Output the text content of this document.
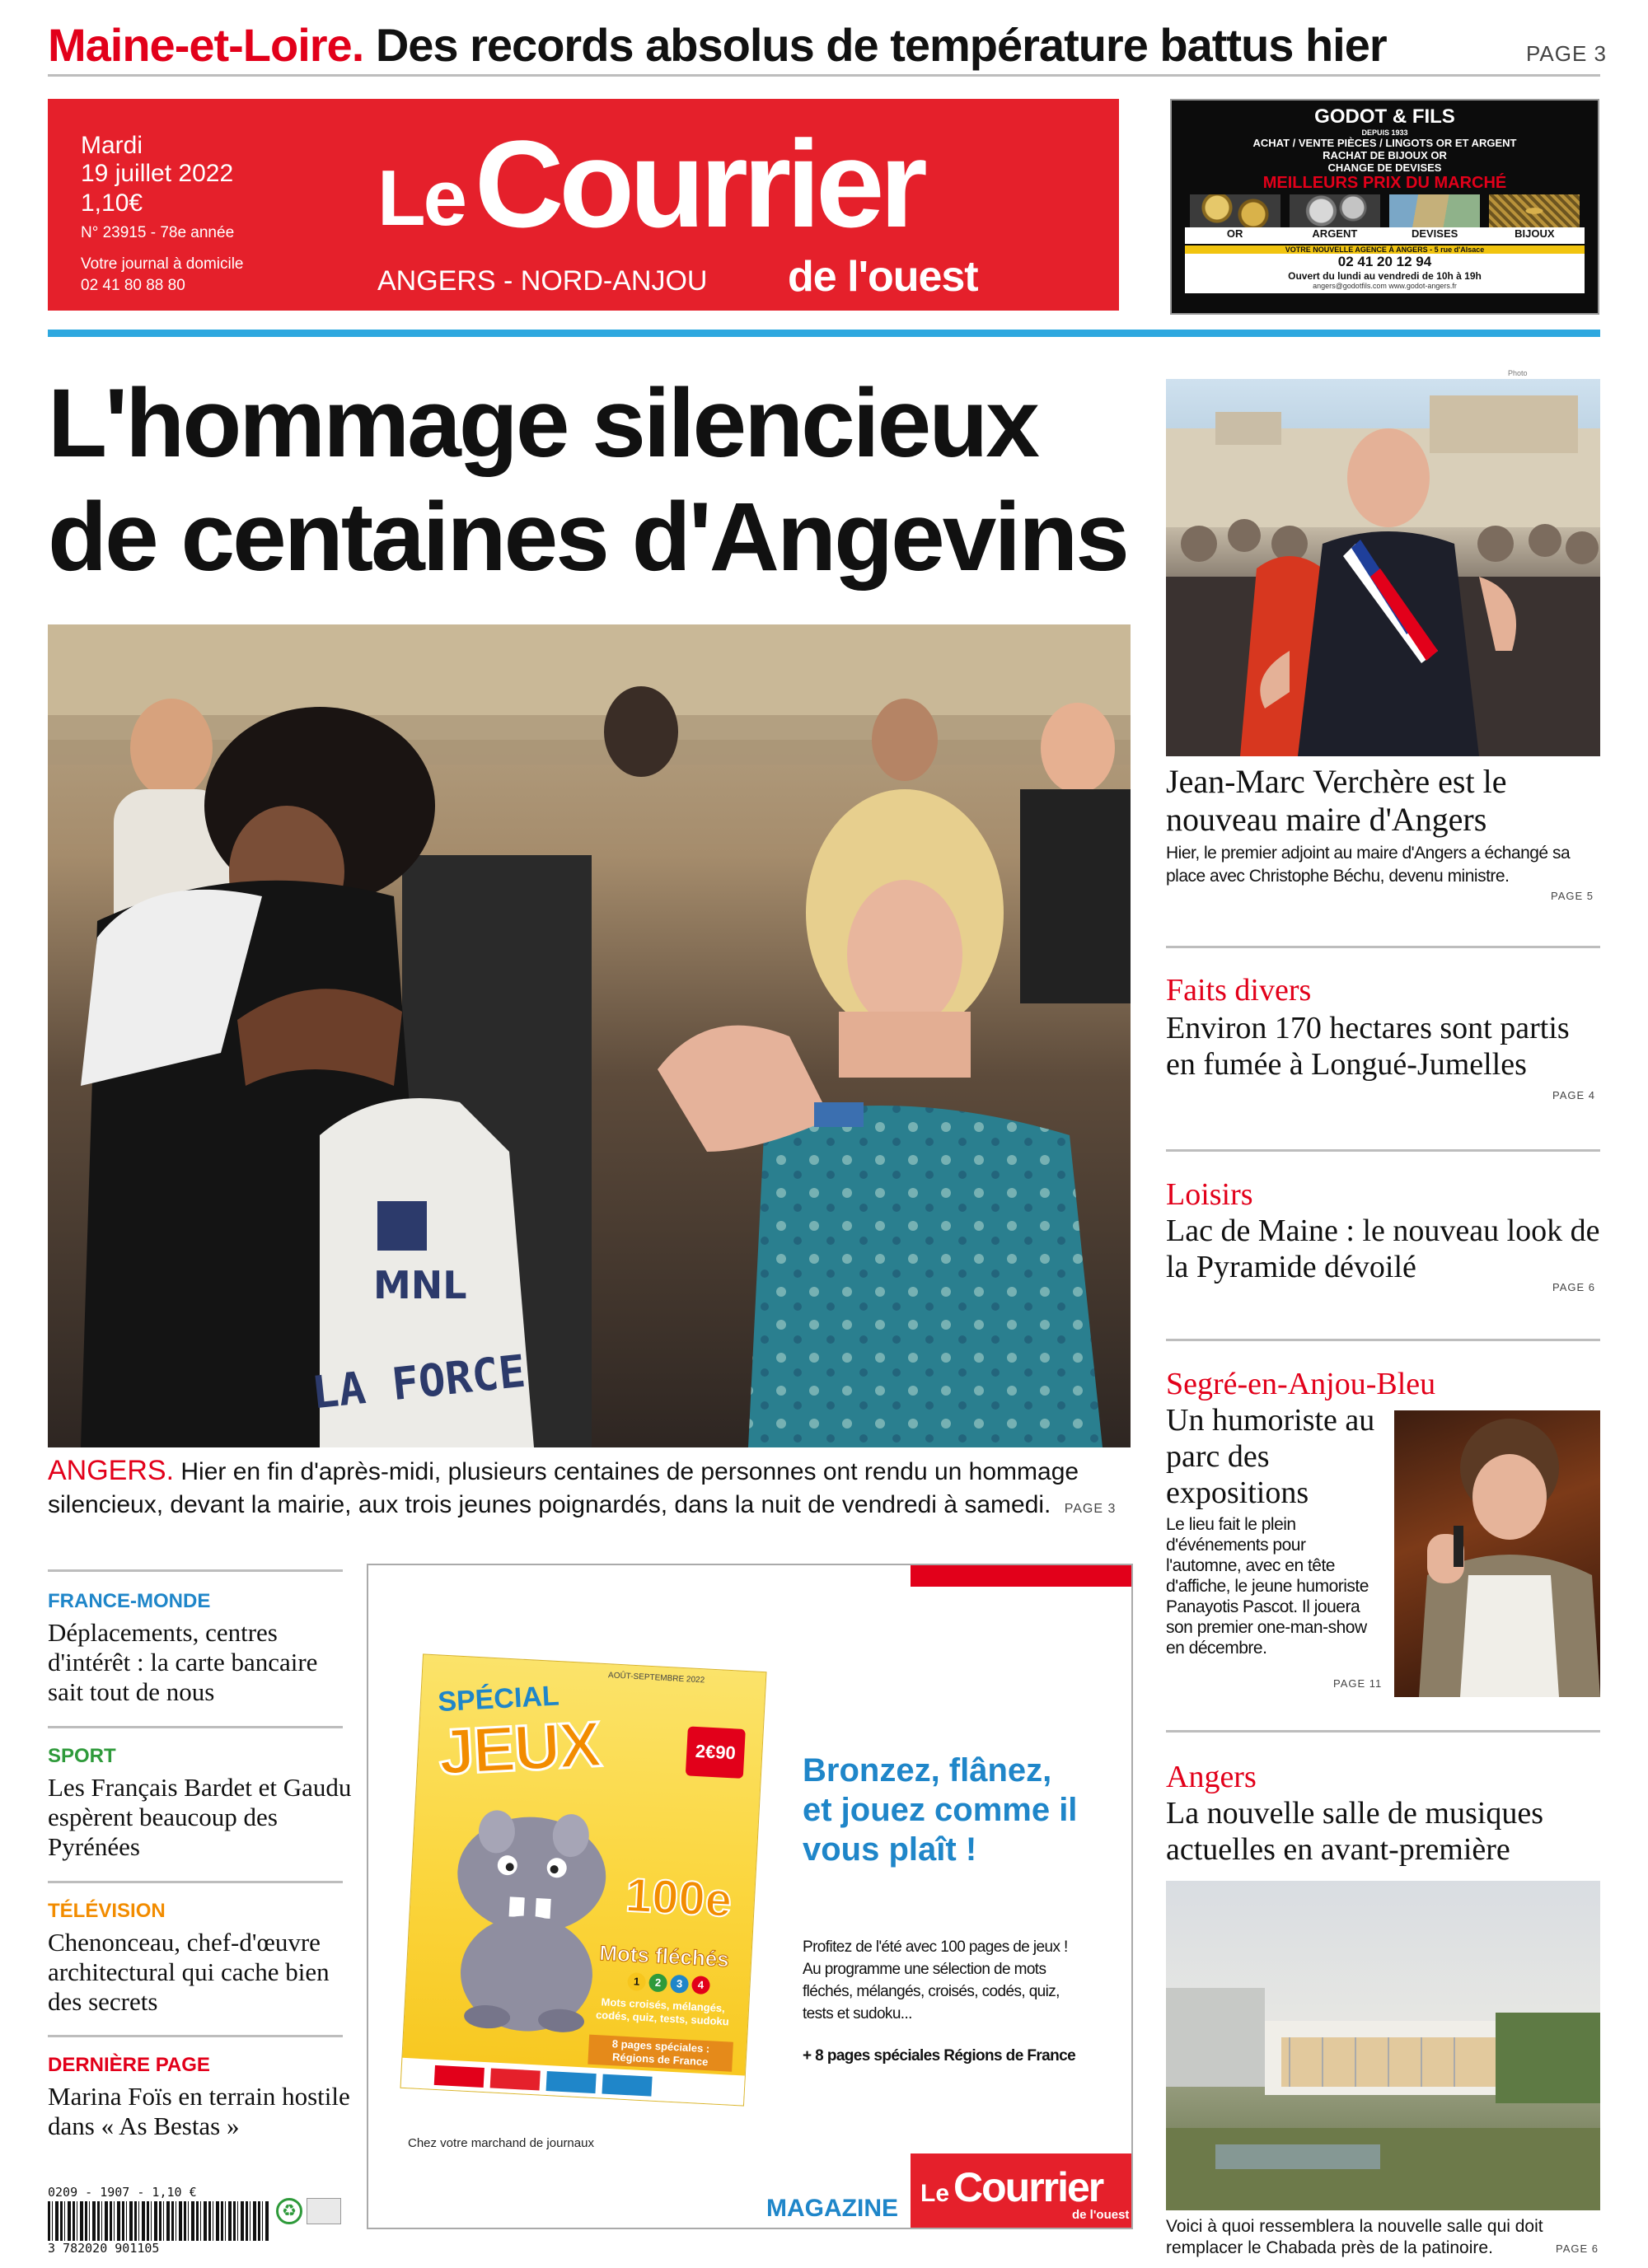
Maine-et-Loire. Des records absolus de température battus hier	PAGE 3
Mardi
19 juillet 2022
1,10€
N° 23915 - 78e année
Votre journal à domicile
02 41 80 88 80
Le Courrier
de l'ouest
ANGERS - NORD-ANJOU
GODOT & FILS
DEPUIS 1933
ACHAT / VENTE PIÈCES / LINGOTS OR ET ARGENT
RACHAT DE BIJOUX OR
CHANGE DE DEVISES
MEILLEURS PRIX DU MARCHÉ
OR	ARGENT	DEVISES	BIJOUX
VOTRE NOUVELLE AGENCE À ANGERS - 5 rue d'Alsace
02 41 20 12 94
Ouvert du lundi au vendredi de 10h à 19h
angers@godotfils.com www.godot-angers.fr
L'hommage silencieux
de centaines d'Angevins
MNL
LA FORCE
ANGERS. Hier en fin d'après-midi, plusieurs centaines de personnes ont rendu un hommage silencieux, devant la mairie, aux trois jeunes poignardés, dans la nuit de vendredi à samedi. PAGE 3
Photo
Jean-Marc Verchère est le nouveau maire d'Angers
Hier, le premier adjoint au maire d'Angers a échangé sa place avec Christophe Béchu, devenu ministre.
PAGE 5
Faits divers
Environ 170 hectares sont partis en fumée à Longué-Jumelles
PAGE 4
Loisirs
Lac de Maine : le nouveau look de la Pyramide dévoilé
PAGE 6
Segré-en-Anjou-Bleu
Un humoriste au parc des expositions
Le lieu fait le plein d'événements pour l'automne, avec en tête d'affiche, le jeune humoriste Panayotis Pascot. Il jouera son premier one-man-show en décembre.
PAGE 11
Angers
La nouvelle salle de musiques actuelles en avant-première
Voici à quoi ressemblera la nouvelle salle qui doit remplacer le Chabada près de la patinoire.	PAGE 6
FRANCE-MONDE
Déplacements, centres d'intérêt : la carte bancaire sait tout de nous
SPORT
Les Français Bardet et Gaudu espèrent beaucoup des Pyrénées
TÉLÉVISION
Chenonceau, chef-d'œuvre architectural qui cache bien des secrets
DERNIÈRE PAGE
Marina Foïs en terrain hostile dans « As Bestas »
0209 - 1907 - 1,10 €
3 782020 901105
♻
AOÛT-SEPTEMBRE 2022
SPÉCIAL
JEUX	2€90
100e
Mots fléchés
1	2	3	4
Mots croisés, mélangés, codés, quiz, tests, sudoku
8 pages spéciales : Régions de France
Bronzez, flânez, et jouez comme il vous plaît !
Profitez de l'été avec 100 pages de jeux ! Au programme une sélection de mots fléchés, mélangés, croisés, codés, quiz, tests et sudoku...
+ 8 pages spéciales Régions de France
Chez votre marchand de journaux
MAGAZINE
Le Courrier
de l'ouest
